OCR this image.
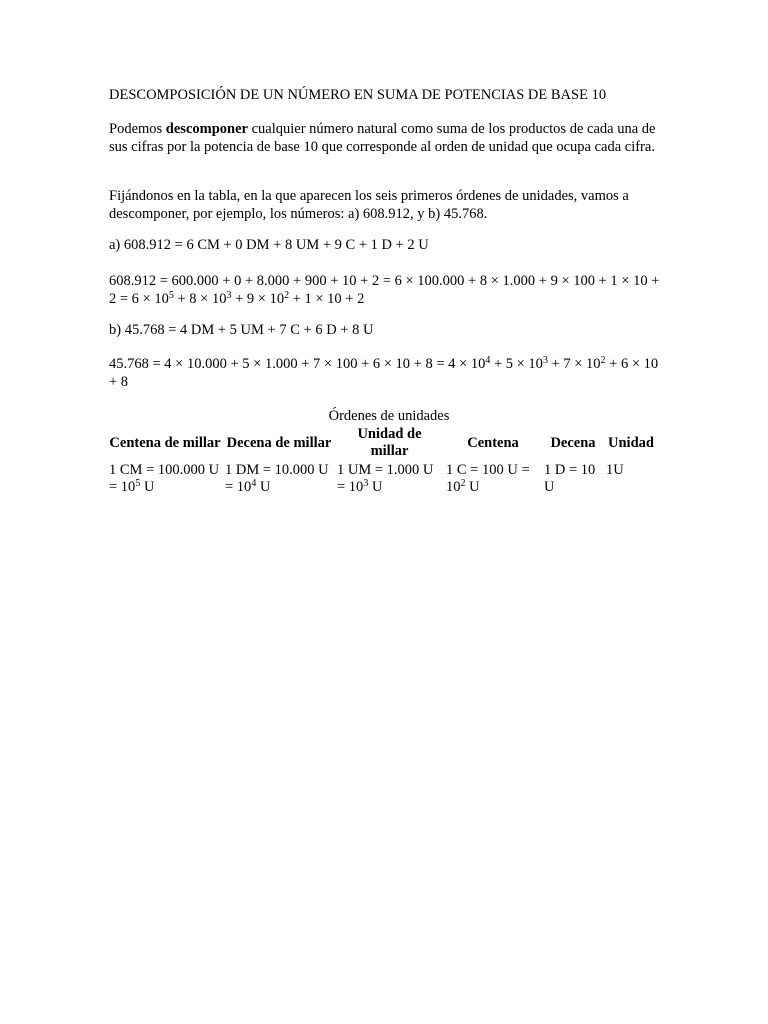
DESCOMPOSICIÓN DE UN NÚMERO EN SUMA DE POTENCIAS DE BASE 10

Podemos descomponer cualquier número natural como suma de los productos de cada una de sus cifras por la potencia de base 10 que corresponde al orden de unidad que ocupa cada cifra.

Fijándonos en la tabla, en la que aparecen los seis primeros órdenes de unidades, vamos a descomponer, por ejemplo, los números: a) 608.912, y b) 45.768.

a) 608.912 = 6 CM + 0 DM + 8 UM + 9 C + 1 D + 2 U

$608.912 = 600.000 + 0 + 8.000 + 900 + 10 + 2 = 6 \times 100.000 + 8 \times 1.000 + 9 \times 100 + 1 \times 10 + 2 = 6 \times 10^5 + 8 \times 10^3 + 9 \times 10^2 + 1 \times 10 + 2$

b) 45.768 = 4 DM + 5 UM + 7 C + 6 D + 8 U

$45.768 = 4 \times 10.000 + 5 \times 1.000 + 7 \times 100 + 6 \times 10 + 8 = 4 \times 10^4 + 5 \times 10^3 + 7 \times 10^2 + 6 \times 10 + 8$

Órdenes de unidades

Centena de millar	Decena de millar	Unidad de millar	Centena	Decena	Unidad
1 CM = 100.000 $U = 10^5$ U	1 DM = 10.000 $U = 10^4$ U	1 UM = 1.000 $U = 10^3$ U	1 C = 100 $U = 10^2$ U	1 D = 10 U	1U
